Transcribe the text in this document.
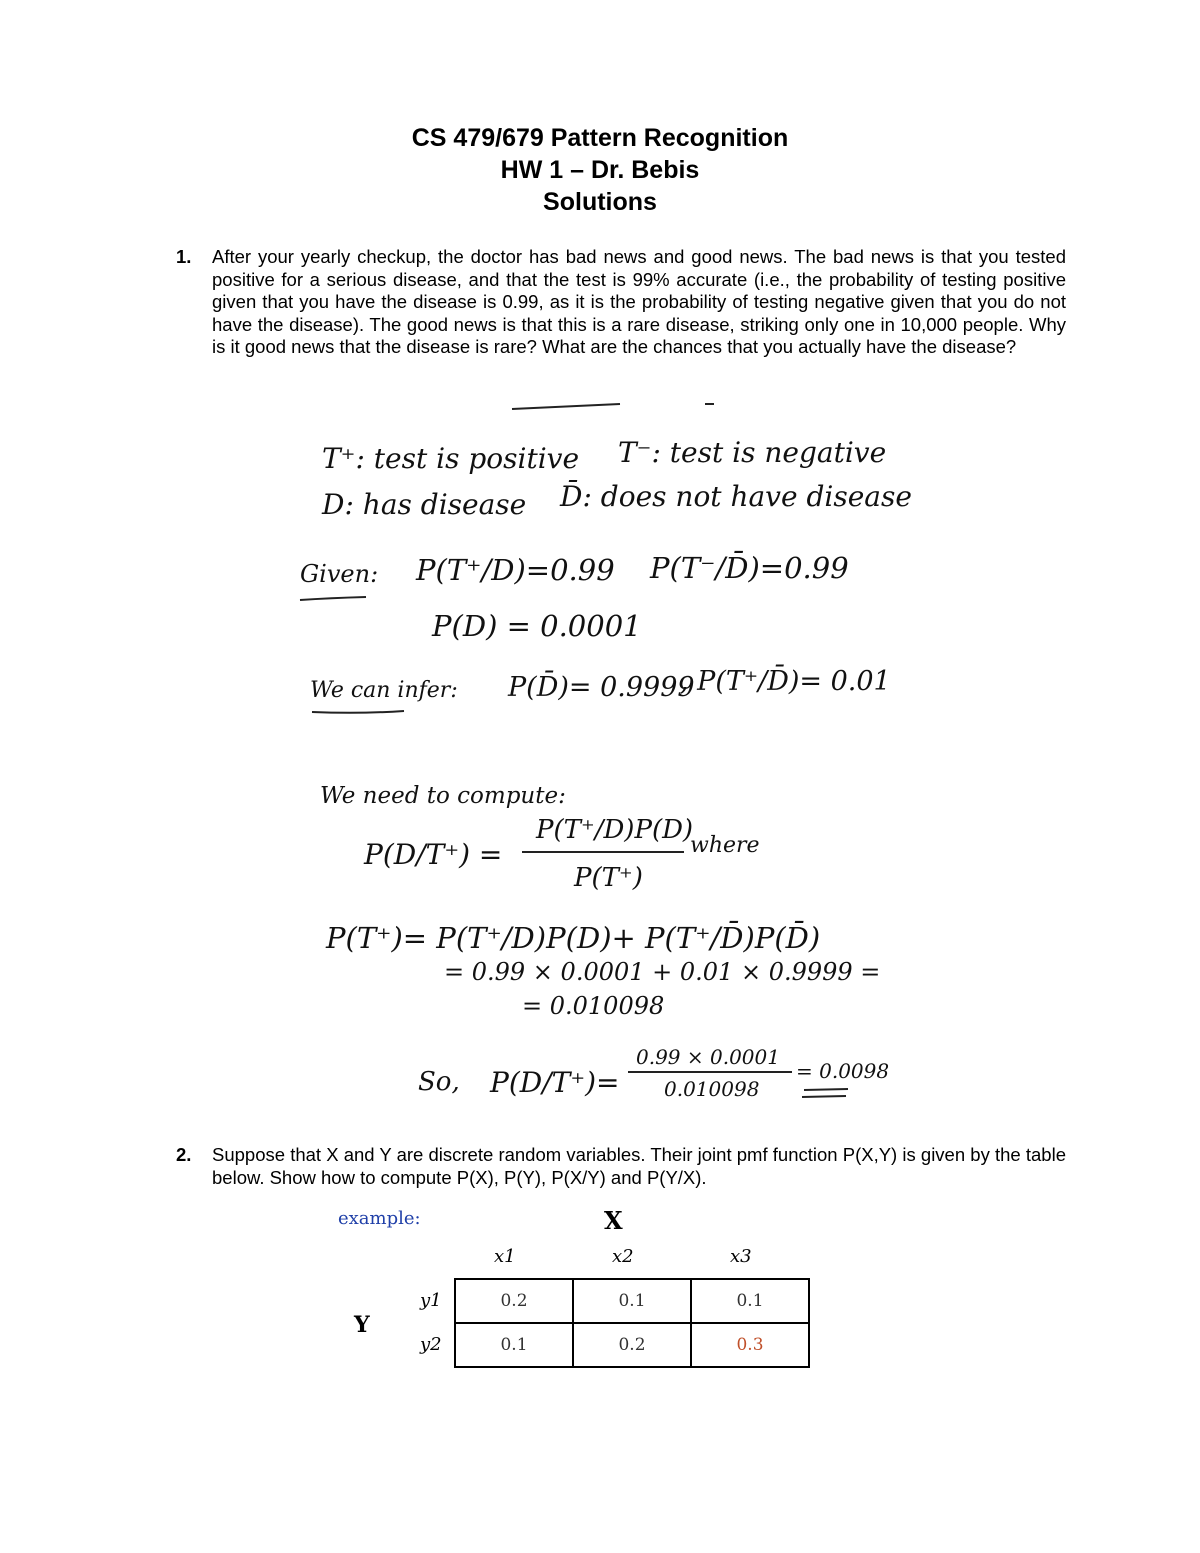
CS 479/679 Pattern Recognition
HW 1 – Dr. Bebis
Solutions
1. After your yearly checkup, the doctor has bad news and good news. The bad news is that you tested positive for a serious disease, and that the test is 99% accurate (i.e., the probability of testing positive given that you have the disease is 0.99, as it is the probability of testing negative given that you do not have the disease). The good news is that this is a rare disease, striking only one in 10,000 people. Why is it good news that the disease is rare? What are the chances that you actually have the disease?
T⁺: test is positive T⁻: test is negative
D: has disease D̄: does not have disease
Given: P(T⁺/D)=0.99 P(T⁻/D̄)=0.99
P(D) = 0.0001
We can infer: P(D̄)= 0.9999
, P(T⁺/D̄)= 0.01
We need to compute:
P(D/T⁺) =
P(T⁺/D)P(D)
P(T⁺)
where
P(T⁺)= P(T⁺/D)P(D)+ P(T⁺/D̄)P(D̄)
= 0.99 × 0.0001 + 0.01 × 0.9999 =
= 0.010098
So, P(D/T⁺)=
0.99 × 0.0001
0.010098
= 0.0098
2. Suppose that X and Y are discrete random variables. Their joint pmf function P(X,Y) is given by the table below. Show how to compute P(X), P(Y), P(X/Y) and P(Y/X).
example:	X
x1	x2	x3
Y
y1
y2
0.2	0.1	0.1
0.1	0.2	0.3
